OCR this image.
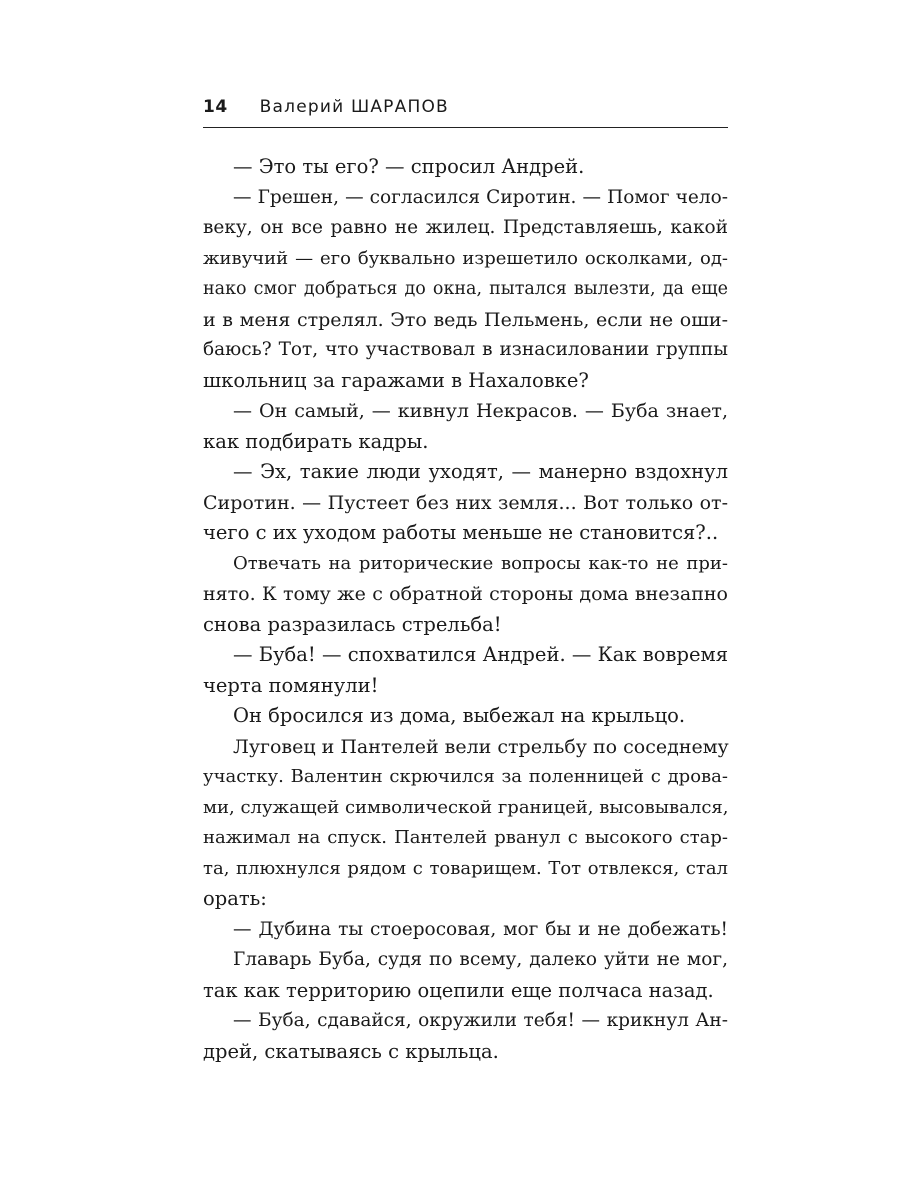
14 Валерий ШАРАПОВ
— Это ты его? — спросил Андрей.
— Грешен, — согласился Сиротин. — Помог чело-
веку, он все равно не жилец. Представляешь, какой
живучий — его буквально изрешетило осколками, од-
нако смог добраться до окна, пытался вылезти, да еще
и в меня стрелял. Это ведь Пельмень, если не оши-
баюсь? Тот, что участвовал в изнасиловании группы
школьниц за гаражами в Нахаловке?
— Он самый, — кивнул Некрасов. — Буба знает,
как подбирать кадры.
— Эх, такие люди уходят, — манерно вздохнул
Сиротин. — Пустеет без них земля... Вот только от-
чего с их уходом работы меньше не становится?..
Отвечать на риторические вопросы как-то не при-
нято. К тому же с обратной стороны дома внезапно
снова разразилась стрельба!
— Буба! — спохватился Андрей. — Как вовремя
черта помянули!
Он бросился из дома, выбежал на крыльцо.
Луговец и Пантелей вели стрельбу по соседнему
участку. Валентин скрючился за поленницей с дрова-
ми, служащей символической границей, высовывался,
нажимал на спуск. Пантелей рванул с высокого стар-
та, плюхнулся рядом с товарищем. Тот отвлекся, стал
орать:
— Дубина ты стоеросовая, мог бы и не добежать!
Главарь Буба, судя по всему, далеко уйти не мог,
так как территорию оцепили еще полчаса назад.
— Буба, сдавайся, окружили тебя! — крикнул Ан-
дрей, скатываясь с крыльца.
